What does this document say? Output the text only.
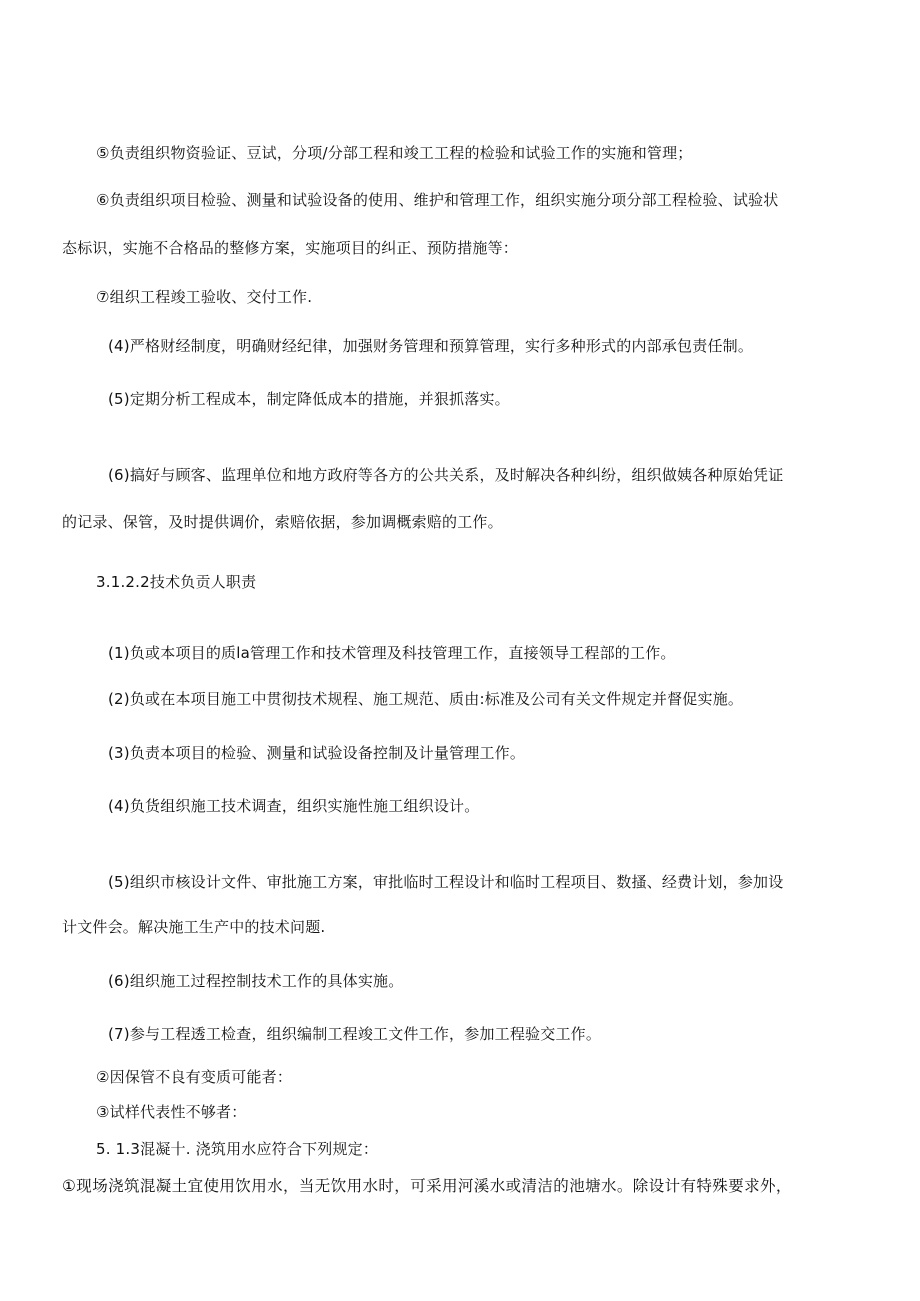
⑤负责组织物资验证、豆试，分项/分部工程和竣工工程的检验和试验工作的实施和管理；
⑥负责组织项目检验、测量和试验设备的使用、维护和管理工作，组织实施分项分部工程检验、试验状
态标识，实施不合格品的整修方案，实施项目的纠正、预防措施等：
⑦组织工程竣工验收、交付工作.
(4)严格财经制度，明确财经纪律，加强财务管理和预算管理，实行多种形式的内部承包责任制。
(5)定期分析工程成本，制定降低成本的措施，并狠抓落实。
(6)搞好与顾客、监理单位和地方政府等各方的公共关系，及时解决各种纠纷，组织做姨各种原始凭证
的记录、保管，及时提供调价，索赔依据，参加调概索赔的工作。
3.1.2.2技术负贡人职责
(1)负或本项目的质la管理工作和技术管理及科技管理工作，直接领导工程部的工作。
(2)负或在本项目施工中贯彻技术规程、施工规范、质由:标准及公司有关文件规定并督促实施。
(3)负责本项目的检验、测量和试验设备控制及计量管理工作。
(4)负货组织施工技术调查，组织实施性施工组织设计。
(5)组织市核设计文件、审批施工方案，审批临时工程设计和临时工程项目、数搔、经费计划，参加设
计文件会。解决施工生产中的技术问题.
(6)组织施工过程控制技术工作的具体实施。
(7)参与工程透工检查，组织编制工程竣工文件工作，参加工程验交工作。
②因保管不良有变质可能者：
③试样代表性不够者：
5. 1.3混凝十. 浇筑用水应符合下列规定：
①现场浇筑混凝土宜使用饮用水，当无饮用水时，可采用河溪水或清洁的池塘水。除设计有特殊要求外，
